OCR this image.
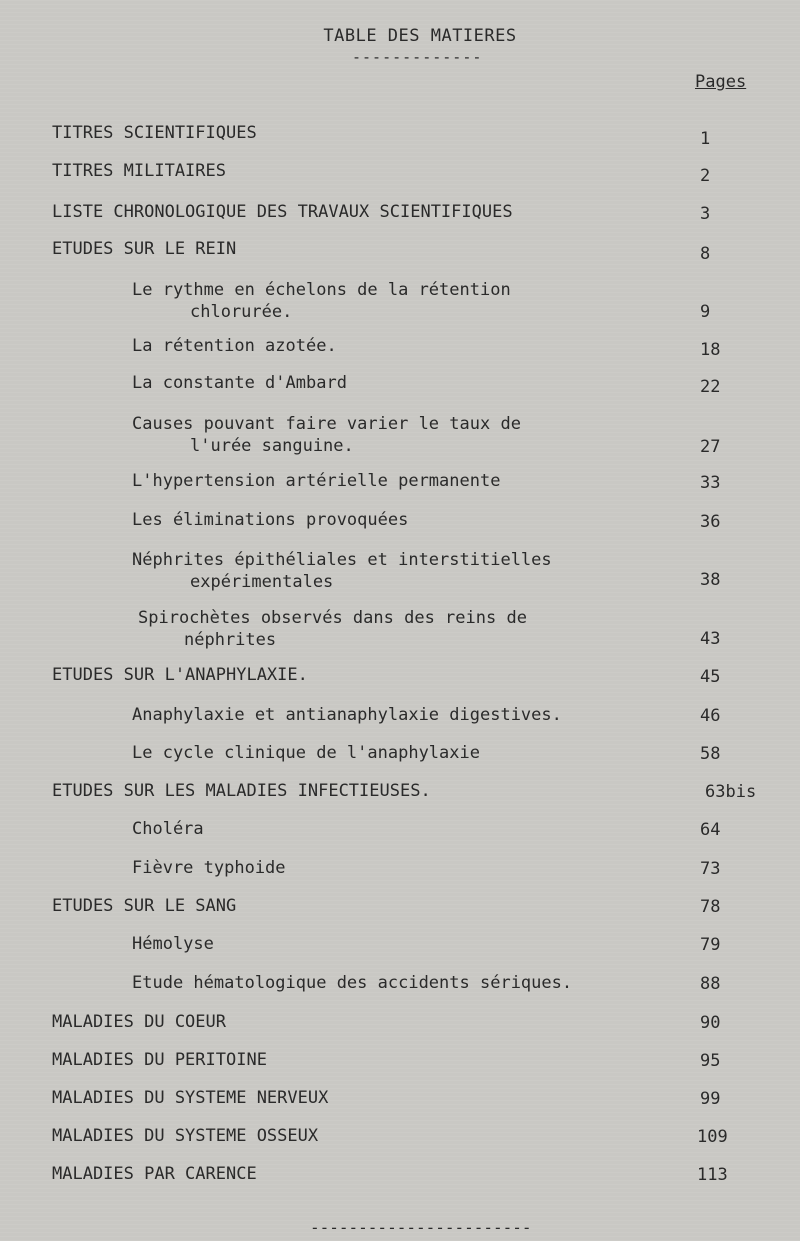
TABLE DES MATIERES
-------------
Pages
TITRES SCIENTIFIQUES	1
TITRES MILITAIRES	2
LISTE CHRONOLOGIQUE DES TRAVAUX SCIENTIFIQUES	3
ETUDES SUR LE REIN	8
Le rythme en échelons de la rétention

chlorurée.	9
La rétention azotée.	18
La constante d'Ambard	22
Causes pouvant faire varier le taux de

l'urée sanguine.	27
L'hypertension artérielle permanente	33
Les éliminations provoquées	36
Néphrites épithéliales et interstitielles

expérimentales	38
Spirochètes observés dans des reins de

néphrites	43
ETUDES SUR L'ANAPHYLAXIE.	45
Anaphylaxie et antianaphylaxie digestives.	46
Le cycle clinique de l'anaphylaxie	58
ETUDES SUR LES MALADIES INFECTIEUSES.	63bis
Choléra	64
Fièvre typhoide	73
ETUDES SUR LE SANG	78
Hémolyse	79
Etude hématologique des accidents sériques.	88
MALADIES DU COEUR	90
MALADIES DU PERITOINE	95
MALADIES DU SYSTEME NERVEUX	99
MALADIES DU SYSTEME OSSEUX	109
MALADIES PAR CARENCE	113
-----------------------
